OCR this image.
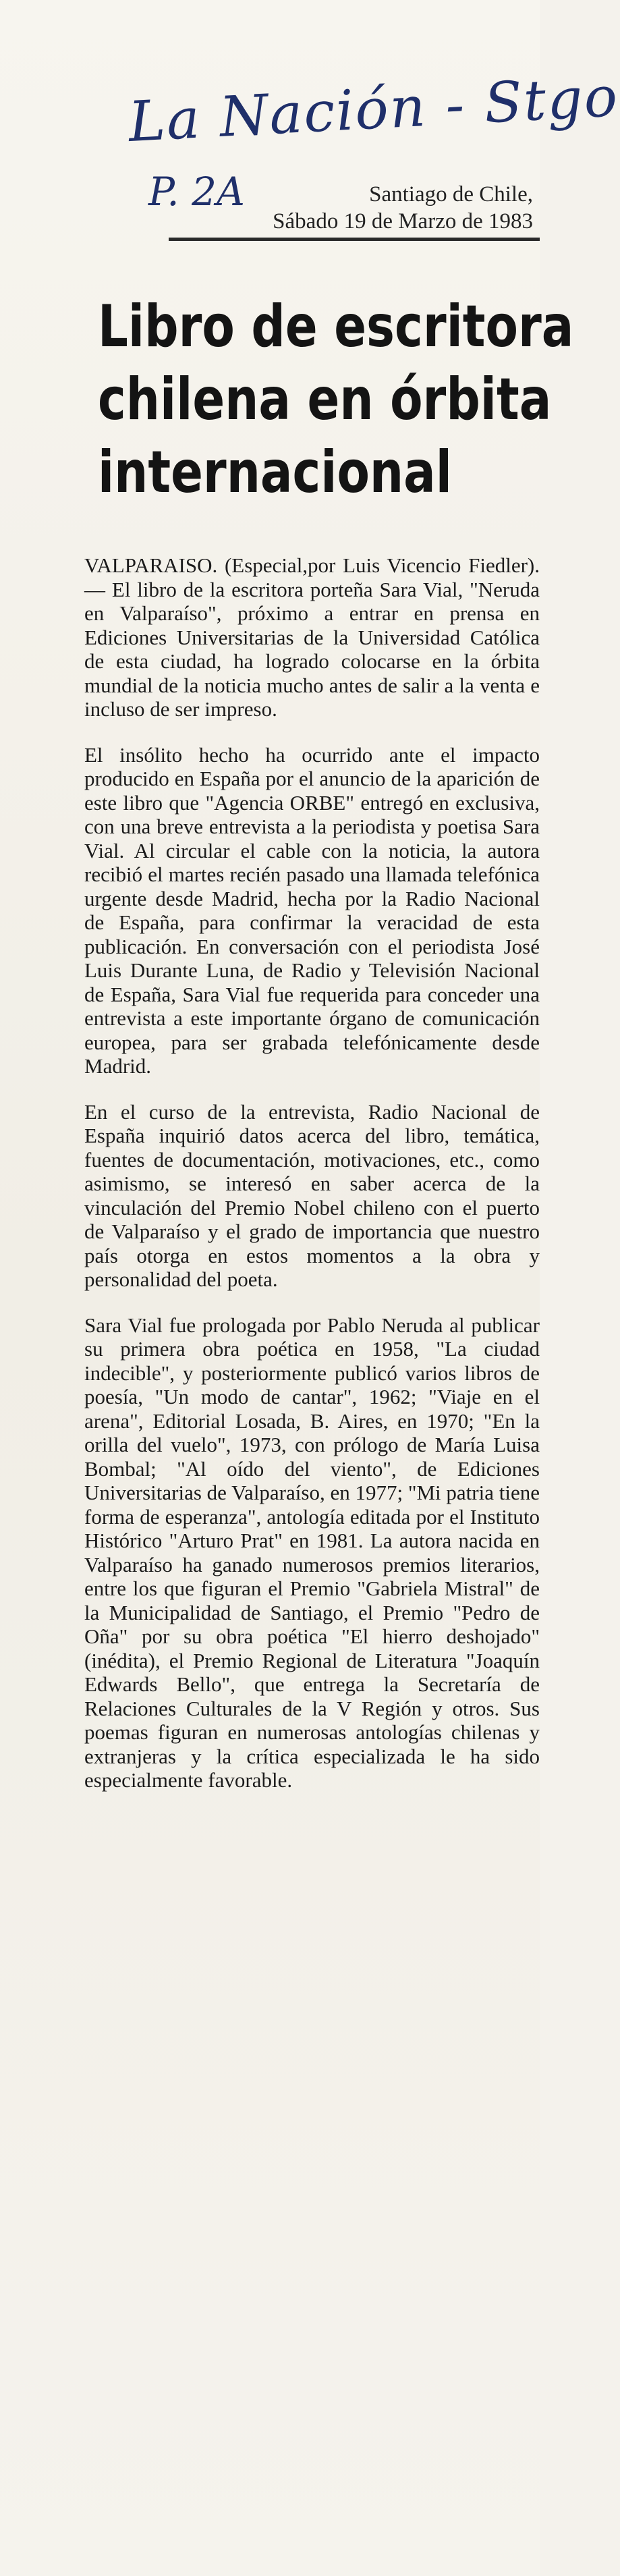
La Nación - Stgo
P. 2A	Santiago de Chile,
Sábado 19 de Marzo de 1983
Libro de escritora
chilena en órbita
internacional

VALPARAISO. (Especial,por Luis Vicencio Fiedler).— El libro de la escritora porteña Sara Vial, "Neruda en Valparaíso", próximo a entrar en prensa en Ediciones Universitarias de la Universidad Católica de esta ciudad, ha logrado colocarse en la órbita mundial de la noticia mucho antes de salir a la venta e incluso de ser impreso.

El insólito hecho ha ocurrido ante el impacto producido en España por el anuncio de la aparición de este libro que "Agencia ORBE" entregó en exclusiva, con una breve entrevista a la periodista y poetisa Sara Vial. Al circular el cable con la noticia, la autora recibió el martes recién pasado una llamada telefónica urgente desde Madrid, hecha por la Radio Nacional de España, para confirmar la veracidad de esta publicación. En conversación con el periodista José Luis Durante Luna, de Radio y Televisión Nacional de España, Sara Vial fue requerida para conceder una entrevista a este importante órgano de comunicación europea, para ser grabada telefónicamente desde Madrid.

En el curso de la entrevista, Radio Nacional de España inquirió datos acerca del libro, temática, fuentes de documentación, motivaciones, etc., como asimismo, se interesó en saber acerca de la vinculación del Premio Nobel chileno con el puerto de Valparaíso y el grado de importancia que nuestro país otorga en estos momentos a la obra y personalidad del poeta.

Sara Vial fue prologada por Pablo Neruda al publicar su primera obra poética en 1958, "La ciudad indecible", y posteriormente publicó varios libros de poesía, "Un modo de cantar", 1962; "Viaje en el arena", Editorial Losada, B. Aires, en 1970; "En la orilla del vuelo", 1973, con prólogo de María Luisa Bombal; "Al oído del viento", de Ediciones Universitarias de Valparaíso, en 1977; "Mi patria tiene forma de esperanza", antología editada por el Instituto Histórico "Arturo Prat" en 1981. La autora nacida en Valparaíso ha ganado numerosos premios literarios, entre los que figuran el Premio "Gabriela Mistral" de la Municipalidad de Santiago, el Premio "Pedro de Oña" por su obra poética "El hierro deshojado" (inédita), el Premio Regional de Literatura "Joaquín Edwards Bello", que entrega la Secretaría de Relaciones Culturales de la V Región y otros. Sus poemas figuran en numerosas antologías chilenas y extranjeras y la crítica especializada le ha sido especialmente favorable.
